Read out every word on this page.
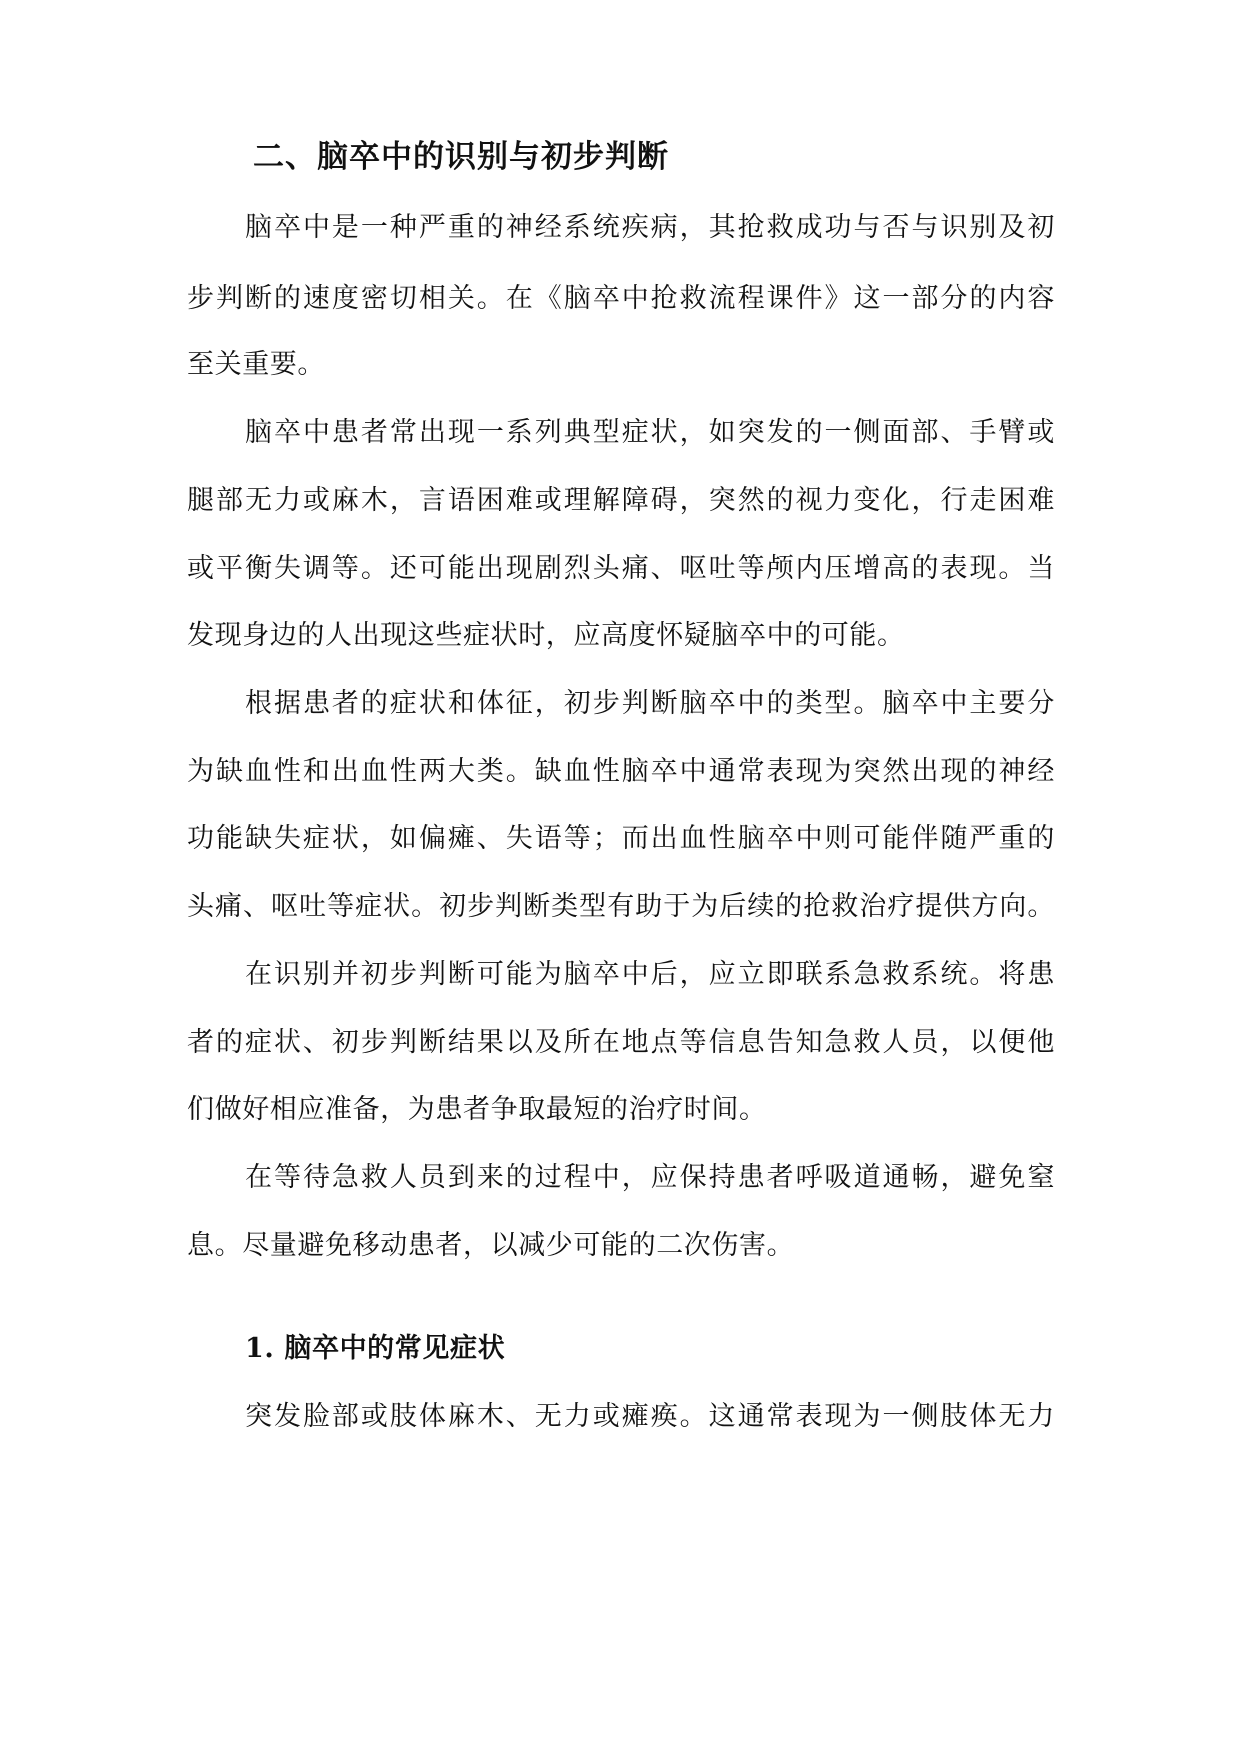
二、脑卒中的识别与初步判断
脑卒中是一种严重的神经系统疾病，其抢救成功与否与识别及初
步判断的速度密切相关。在《脑卒中抢救流程课件》这一部分的内容
至关重要。
脑卒中患者常出现一系列典型症状，如突发的一侧面部、手臂或
腿部无力或麻木，言语困难或理解障碍，突然的视力变化，行走困难
或平衡失调等。还可能出现剧烈头痛、呕吐等颅内压增高的表现。当
发现身边的人出现这些症状时，应高度怀疑脑卒中的可能。
根据患者的症状和体征，初步判断脑卒中的类型。脑卒中主要分
为缺血性和出血性两大类。缺血性脑卒中通常表现为突然出现的神经
功能缺失症状，如偏瘫、失语等；而出血性脑卒中则可能伴随严重的
头痛、呕吐等症状。初步判断类型有助于为后续的抢救治疗提供方向。
在识别并初步判断可能为脑卒中后，应立即联系急救系统。将患
者的症状、初步判断结果以及所在地点等信息告知急救人员，以便他
们做好相应准备，为患者争取最短的治疗时间。
在等待急救人员到来的过程中，应保持患者呼吸道通畅，避免窒
息。尽量避免移动患者，以减少可能的二次伤害。
1. 脑卒中的常见症状
突发脸部或肢体麻木、无力或瘫痪。这通常表现为一侧肢体无力
